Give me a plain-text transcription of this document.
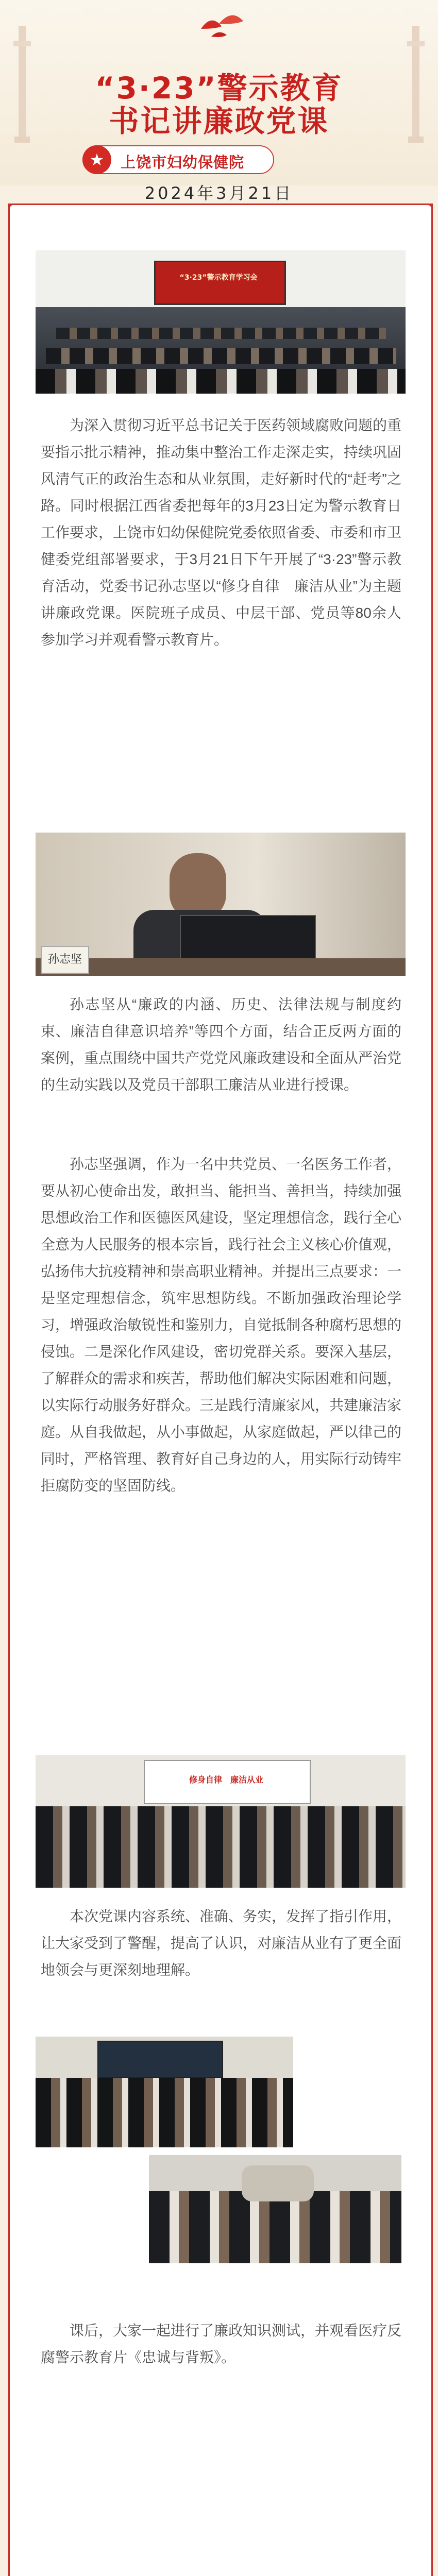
“3·23”警示教育
书记讲廉政党课
★	上饶市妇幼保健院
2024年3月21日
“3·23”警示教育学习会
为深入贯彻习近平总书记关于医药领域腐败问题的重要指示批示精神，推动集中整治工作走深走实，持续巩固风清气正的政治生态和从业氛围，走好新时代的“赶考”之路。同时根据江西省委把每年的3月23日定为警示教育日工作要求，上饶市妇幼保健院党委依照省委、市委和市卫健委党组部署要求，于3月21日下午开展了“3·23”警示教育活动，党委书记孙志坚以“修身自律　廉洁从业”为主题讲廉政党课。医院班子成员、中层干部、党员等80余人参加学习并观看警示教育片。
孙志坚
孙志坚从“廉政的内涵、历史、法律法规与制度约束、廉洁自律意识培养”等四个方面，结合正反两方面的案例，重点围绕中国共产党党风廉政建设和全面从严治党的生动实践以及党员干部职工廉洁从业进行授课。
孙志坚强调，作为一名中共党员、一名医务工作者，要从初心使命出发，敢担当、能担当、善担当，持续加强思想政治工作和医德医风建设，坚定理想信念，践行全心全意为人民服务的根本宗旨，践行社会主义核心价值观，弘扬伟大抗疫精神和崇高职业精神。并提出三点要求：一是坚定理想信念，筑牢思想防线。不断加强政治理论学习，增强政治敏锐性和鉴别力，自觉抵制各种腐朽思想的侵蚀。二是深化作风建设，密切党群关系。要深入基层，了解群众的需求和疾苦，帮助他们解决实际困难和问题，以实际行动服务好群众。三是践行清廉家风，共建廉洁家庭。从自我做起，从小事做起，从家庭做起，严以律己的同时，严格管理、教育好自己身边的人，用实际行动铸牢拒腐防变的坚固防线。
修身自律　廉洁从业
本次党课内容系统、准确、务实，发挥了指引作用，让大家受到了警醒，提高了认识，对廉洁从业有了更全面地领会与更深刻地理解。
课后，大家一起进行了廉政知识测试，并观看医疗反腐警示教育片《忠诚与背叛》。
